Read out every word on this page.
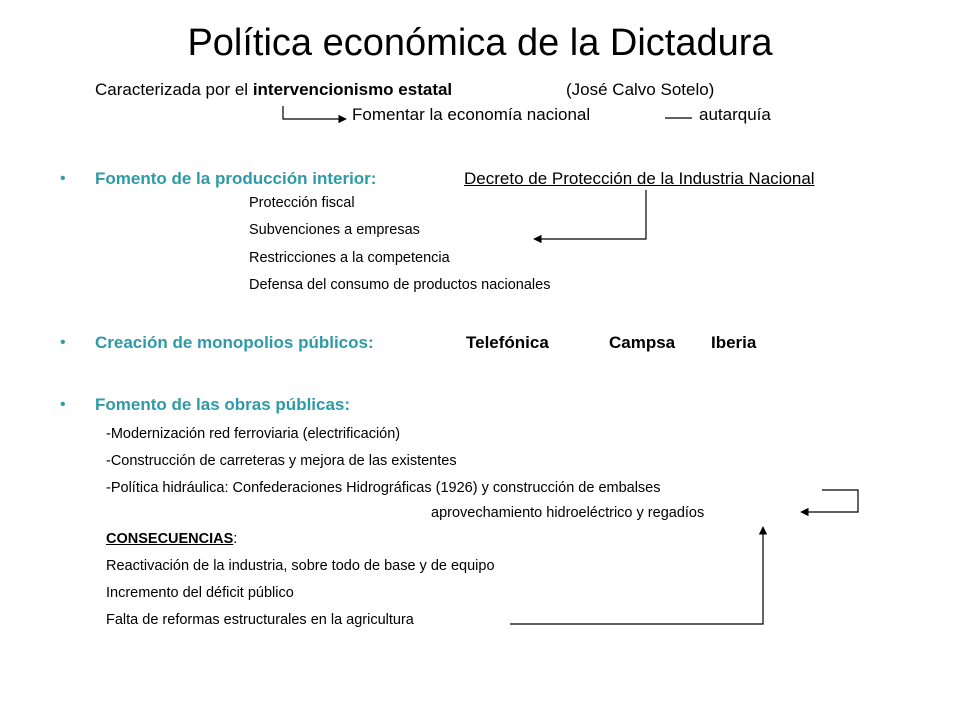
Política económica de la Dictadura
Caracterizada por el intervencionismo estatal	(José Calvo Sotelo)
Fomentar la economía nacional	autarquía
• Fomento de la producción interior:	Decreto de Protección de la Industria Nacional
Protección fiscal
Subvenciones a empresas
Restricciones a la competencia
Defensa del consumo de productos nacionales
• Creación de monopolios públicos:	Telefónica	Campsa Iberia
• Fomento de las obras públicas:
-Modernización red ferroviaria (electrificación)
-Construcción de carreteras y mejora de las existentes
-Política hidráulica: Confederaciones Hidrográficas (1926) y construcción de embalses
aprovechamiento hidroeléctrico y regadíos
CONSECUENCIAS:
Reactivación de la industria, sobre todo de base y de equipo
Incremento del déficit público
Falta de reformas estructurales en la agricultura
